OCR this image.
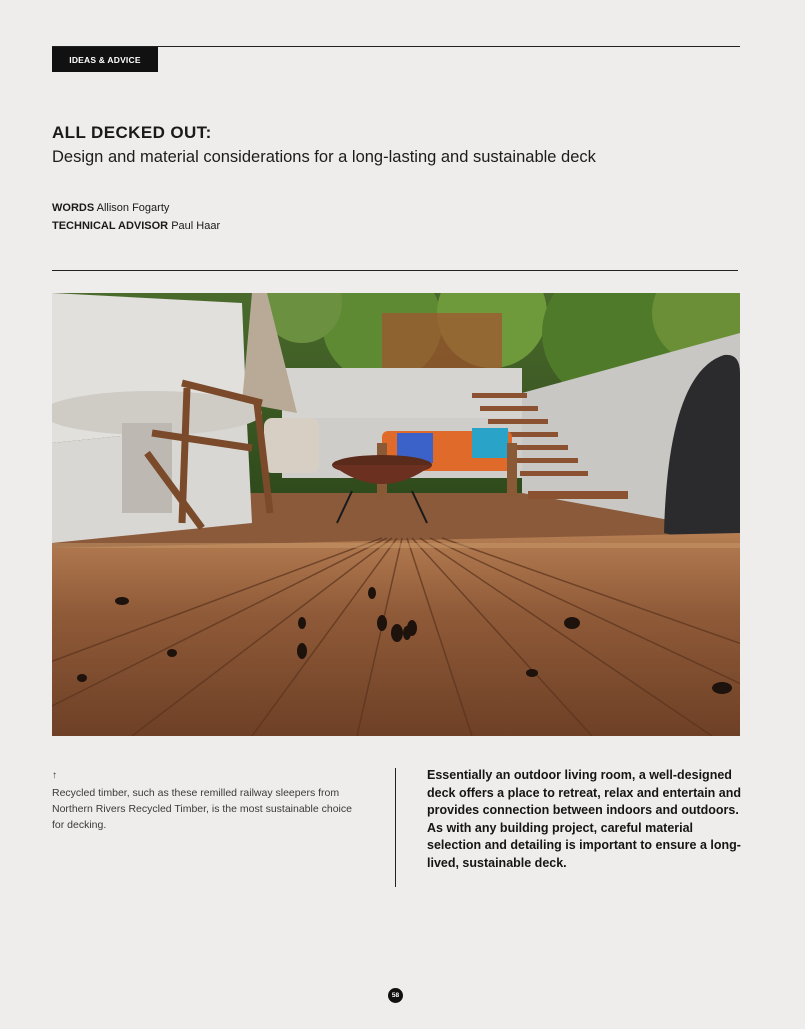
IDEAS & ADVICE
ALL DECKED OUT:
Design and material considerations for a long-lasting and sustainable deck
WORDS Allison Fogarty
TECHNICAL ADVISOR Paul Haar
↑

Recycled timber, such as these remilled railway sleepers from Northern Rivers Recycled Timber, is the most sustainable choice for decking.

Essentially an outdoor living room, a well-designed deck offers a place to retreat, relax and entertain and provides connection between indoors and outdoors. As with any building project, careful material selection and detailing is important to ensure a long-lived, sustainable deck.

58
